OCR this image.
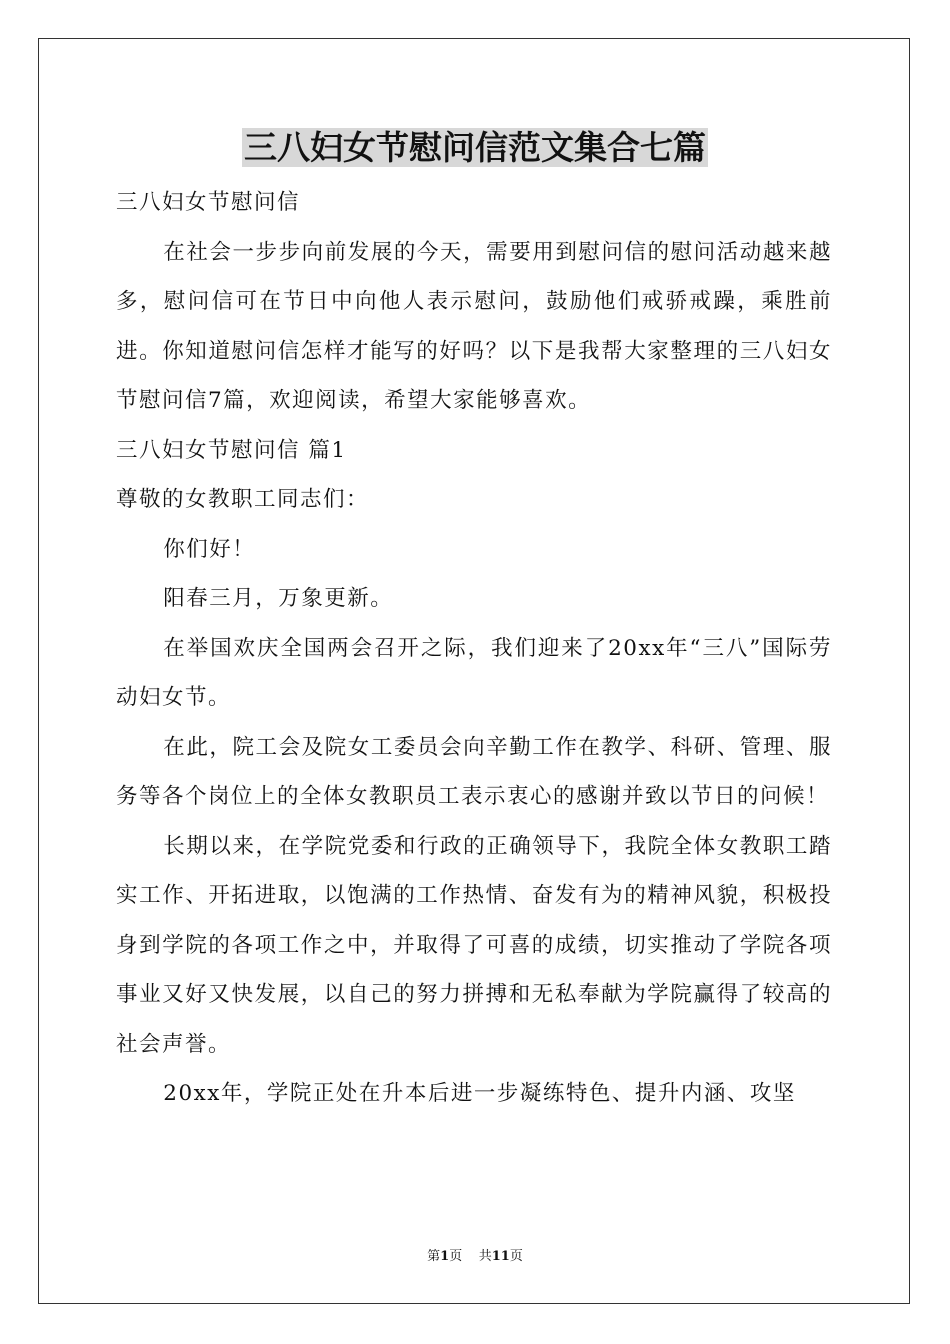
三八妇女节慰问信范文集合七篇

三八妇女节慰问信

在社会一步步向前发展的今天，需要用到慰问信的慰问活动越来越多，慰问信可在节日中向他人表示慰问，鼓励他们戒骄戒躁，乘胜前进。你知道慰问信怎样才能写的好吗？以下是我帮大家整理的三八妇女节慰问信7篇，欢迎阅读，希望大家能够喜欢。

三八妇女节慰问信 篇1

尊敬的女教职工同志们：

你们好！

阳春三月，万象更新。

在举国欢庆全国两会召开之际，我们迎来了20xx年“三八”国际劳动妇女节。

在此，院工会及院女工委员会向辛勤工作在教学、科研、管理、服务等各个岗位上的全体女教职员工表示衷心的感谢并致以节日的问候！

长期以来，在学院党委和行政的正确领导下，我院全体女教职工踏实工作、开拓进取，以饱满的工作热情、奋发有为的精神风貌，积极投身到学院的各项工作之中，并取得了可喜的成绩，切实推动了学院各项事业又好又快发展，以自己的努力拼搏和无私奉献为学院赢得了较高的社会声誉。

20xx年，学院正处在升本后进一步凝练特色、提升内涵、攻坚

第1页 共11页
